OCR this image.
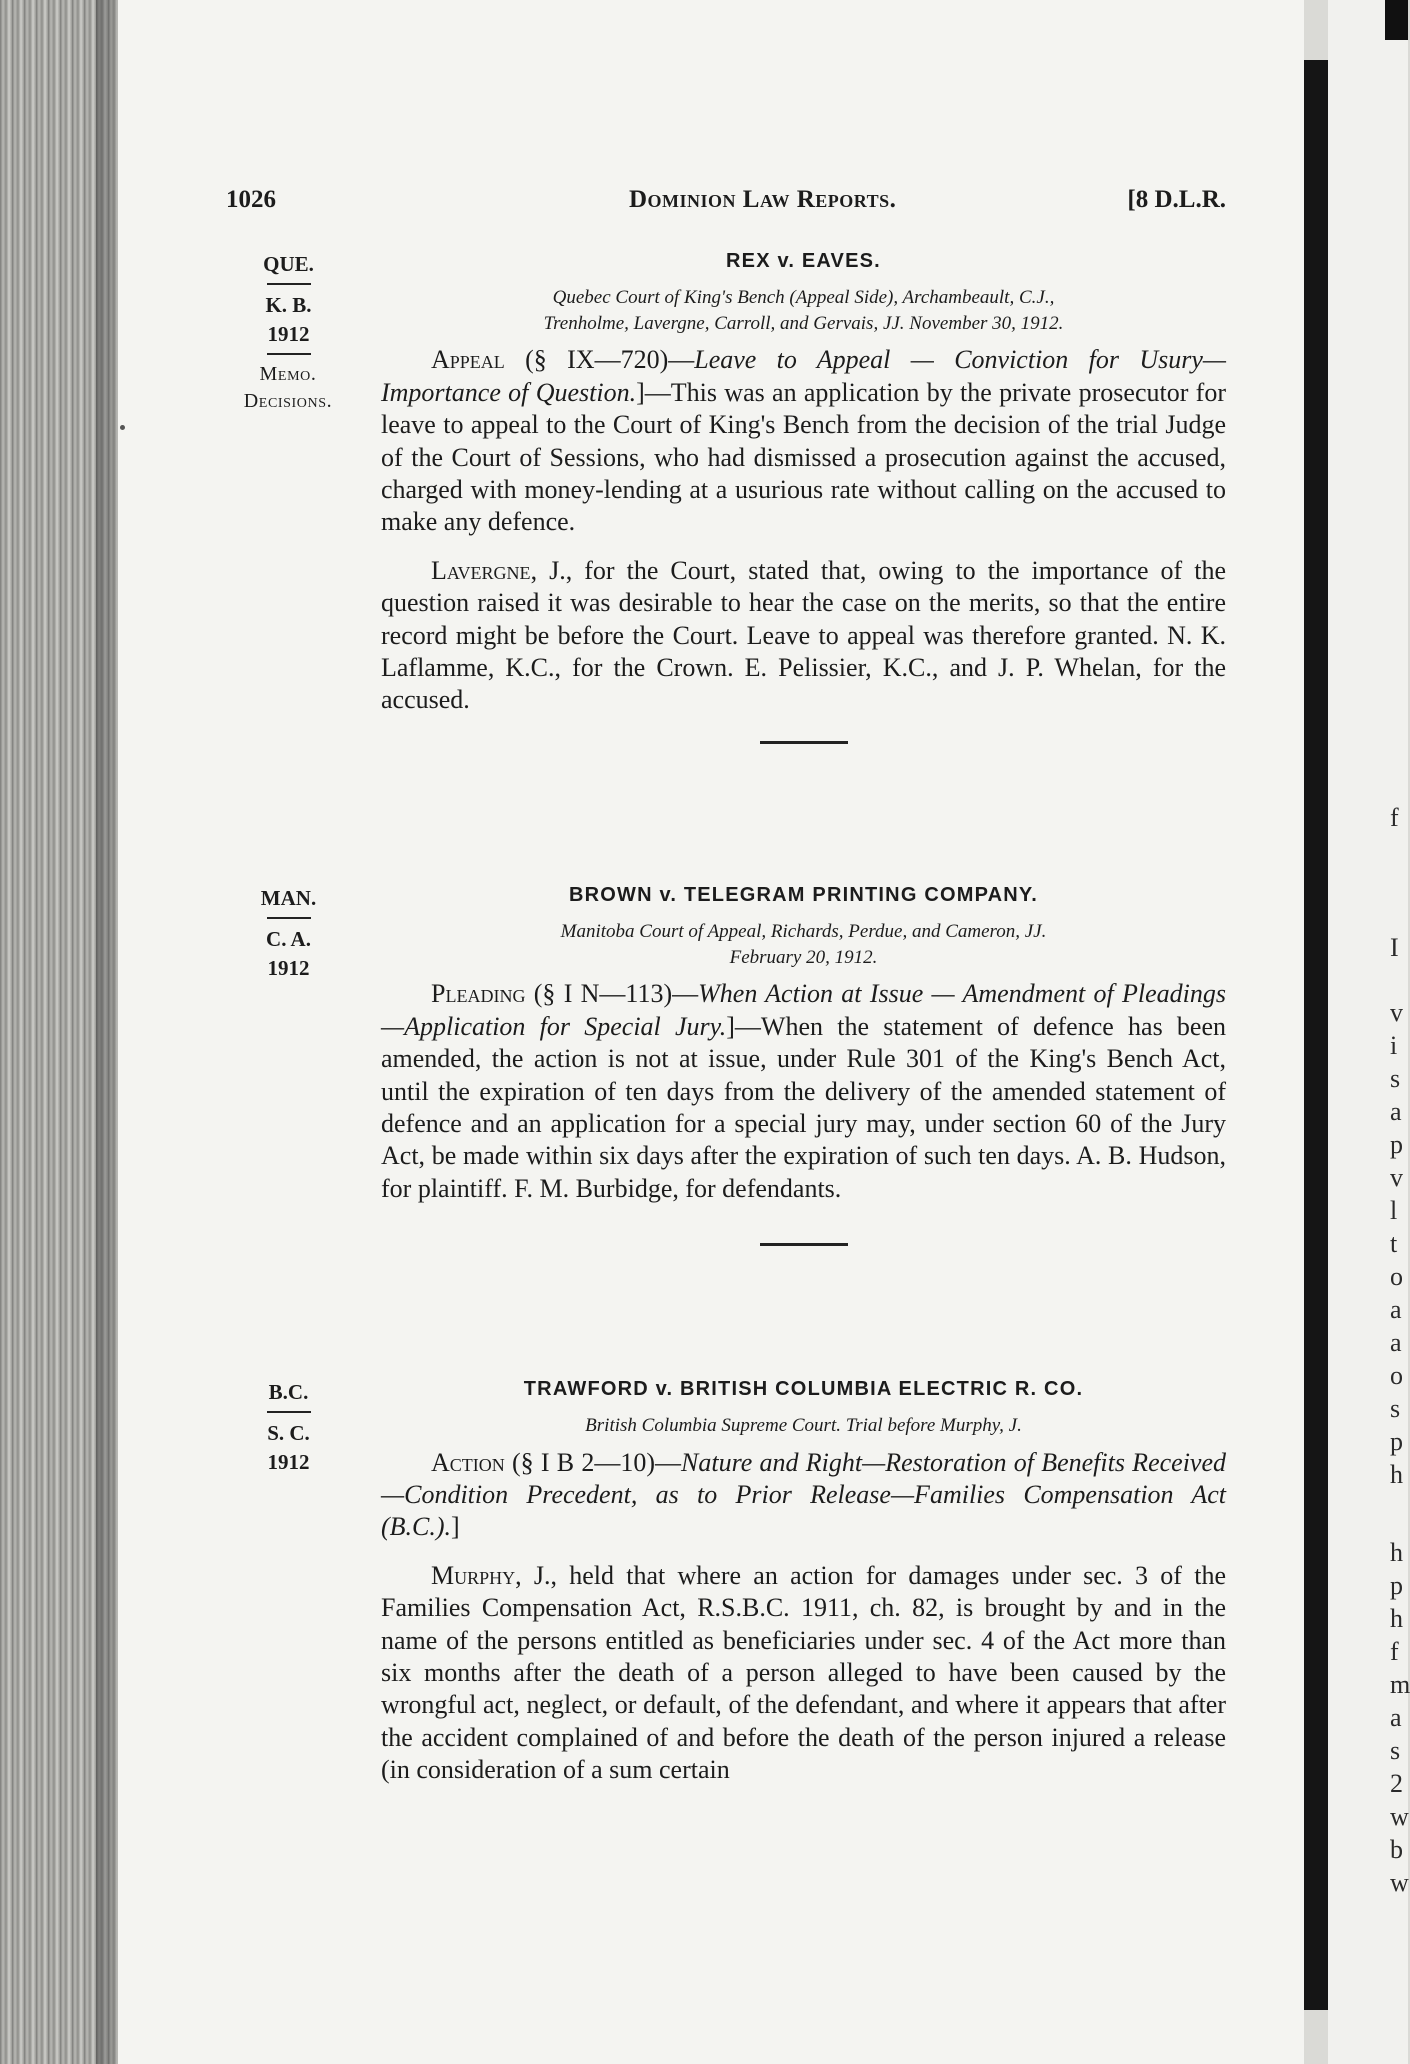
f
I
v
i
s
a
p
v
l
t
o
a
a
o
s
p
h
h
p
h
f
m
a
s
2
w
b
w
1026	Dominion Law Reports.	[8 D.L.R.
QUE.
K. B.
1912
Memo.
Decisions.
REX v. EAVES.
Quebec Court of King's Bench (Appeal Side), Archambeault, C.J.,
Trenholme, Lavergne, Carroll, and Gervais, JJ. November 30, 1912.

Appeal (§ IX—720)—Leave to Appeal — Conviction for Usury—Importance of Question.]—This was an application by the private prosecutor for leave to appeal to the Court of King's Bench from the decision of the trial Judge of the Court of Sessions, who had dismissed a prosecution against the accused, charged with money-lending at a usurious rate without calling on the accused to make any defence.

Lavergne, J., for the Court, stated that, owing to the importance of the question raised it was desirable to hear the case on the merits, so that the entire record might be before the Court. Leave to appeal was therefore granted. N. K. Laflamme, K.C., for the Crown. E. Pelissier, K.C., and J. P. Whelan, for the accused.

MAN.
C. A.
1912
BROWN v. TELEGRAM PRINTING COMPANY.
Manitoba Court of Appeal, Richards, Perdue, and Cameron, JJ.
February 20, 1912.

Pleading (§ I N—113)—When Action at Issue — Amendment of Pleadings—Application for Special Jury.]—When the statement of defence has been amended, the action is not at issue, under Rule 301 of the King's Bench Act, until the expiration of ten days from the delivery of the amended statement of defence and an application for a special jury may, under section 60 of the Jury Act, be made within six days after the expiration of such ten days. A. B. Hudson, for plaintiff. F. M. Burbidge, for defendants.

B.C.
S. C.
1912
TRAWFORD v. BRITISH COLUMBIA ELECTRIC R. CO.
British Columbia Supreme Court. Trial before Murphy, J.

Action (§ I B 2—10)—Nature and Right—Restoration of Benefits Received—Condition Precedent, as to Prior Release—Families Compensation Act (B.C.).]

Murphy, J., held that where an action for damages under sec. 3 of the Families Compensation Act, R.S.B.C. 1911, ch. 82, is brought by and in the name of the persons entitled as beneficiaries under sec. 4 of the Act more than six months after the death of a person alleged to have been caused by the wrongful act, neglect, or default, of the defendant, and where it appears that after the accident complained of and before the death of the person injured a release (in consideration of a sum certain
